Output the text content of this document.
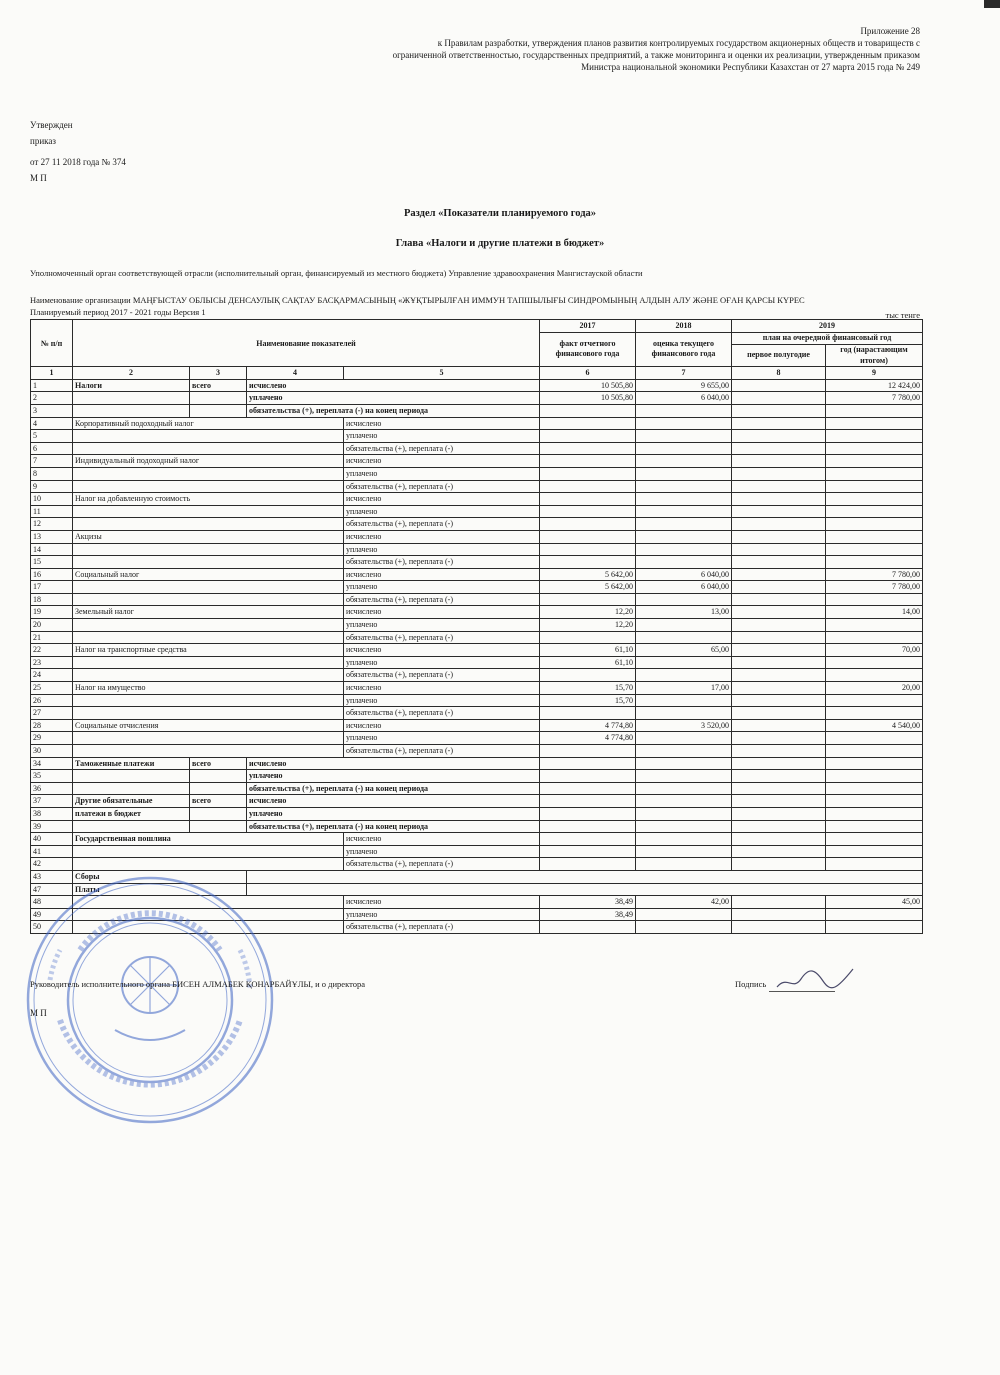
Приложение 28
к Правилам разработки, утверждения планов развития контролируемых государством акционерных обществ и товариществ с
ограниченной ответственностью, государственных предприятий, а также мониторинга и оценки их реализации, утвержденным приказом
Министра национальной экономики Республики Казахстан от 27 марта 2015 года № 249
Утвержден
приказ
от 27 11 2018 года № 374
М П
Раздел «Показатели планируемого года»
Глава «Налоги и другие платежи в бюджет»
Уполномоченный орган соответствующей отрасли (исполнительный орган, финансируемый из местного бюджета) Управление здравоохранения Мангистауской области
Наименование организации МАҢҒЫСТАУ ОБЛЫСЫ ДЕНСАУЛЫҚ САҚТАУ БАСҚАРМАСЫНЫҢ «ЖҰҚТЫРЫЛҒАН ИММУН ТАПШЫЛЫҒЫ СИНДРОМЫНЫҢ АЛДЫН АЛУ ЖӘНЕ ОҒАН ҚАРСЫ КҮРЕС
Планируемый период 2017 - 2021 годы Версия 1	тыс тенге
№ п/п	Наименование показателей				2017	2018	2019	
					факт отчетного финансового года	оценка текущего финансового года	план на очередной финансовый год	
							первое полугодие	год (нарастающим итогом)
1	2	3	4	5	6	7	8	9
1	Налоги	всего	исчислено		10 505,80	9 655,00		12 424,00
2			уплачено		10 505,80	6 040,00		7 780,00
3			обязательства (+), переплата (-) на конец периода					
4	Корпоративный подоходный налог			исчислено				
5				уплачено				
6				обязательства (+), переплата (-)				
7	Индивидуальный подоходный налог			исчислено				
8				уплачено				
9				обязательства (+), переплата (-)				
10	Налог на добавленную стоимость			исчислено				
11				уплачено				
12				обязательства (+), переплата (-)				
13	Акцизы			исчислено				
14				уплачено				
15				обязательства (+), переплата (-)				
16	Социальный налог			исчислено	5 642,00	6 040,00		7 780,00
17				уплачено	5 642,00	6 040,00		7 780,00
18				обязательства (+), переплата (-)				
19	Земельный налог			исчислено	12,20	13,00		14,00
20				уплачено	12,20			
21				обязательства (+), переплата (-)				
22	Налог на транспортные средства			исчислено	61,10	65,00		70,00
23				уплачено	61,10			
24				обязательства (+), переплата (-)				
25	Налог на имущество			исчислено	15,70	17,00		20,00
26				уплачено	15,70			
27				обязательства (+), переплата (-)				
28	Социальные отчисления			исчислено	4 774,80	3 520,00		4 540,00
29				уплачено	4 774,80			
30				обязательства (+), переплата (-)				
34	Таможенные платежи	всего	исчислено					
35			уплачено					
36			обязательства (+), переплата (-) на конец периода					
37	Другие обязательные	всего	исчислено					
38	платежи в бюджет		уплачено					
39			обязательства (+), переплата (-) на конец периода					
40	Государственная пошлина			исчислено				
41				уплачено				
42				обязательства (+), переплата (-)				
43	Сборы							
47	Платы							
48				исчислено	38,49	42,00		45,00
49				уплачено	38,49			
50				обязательства (+), переплата (-)				
Руководитель исполнительного органа БИСЕН АЛМАБЕК ҚОНАРБАЙҰЛЫ, и о директора
М П
Подпись
